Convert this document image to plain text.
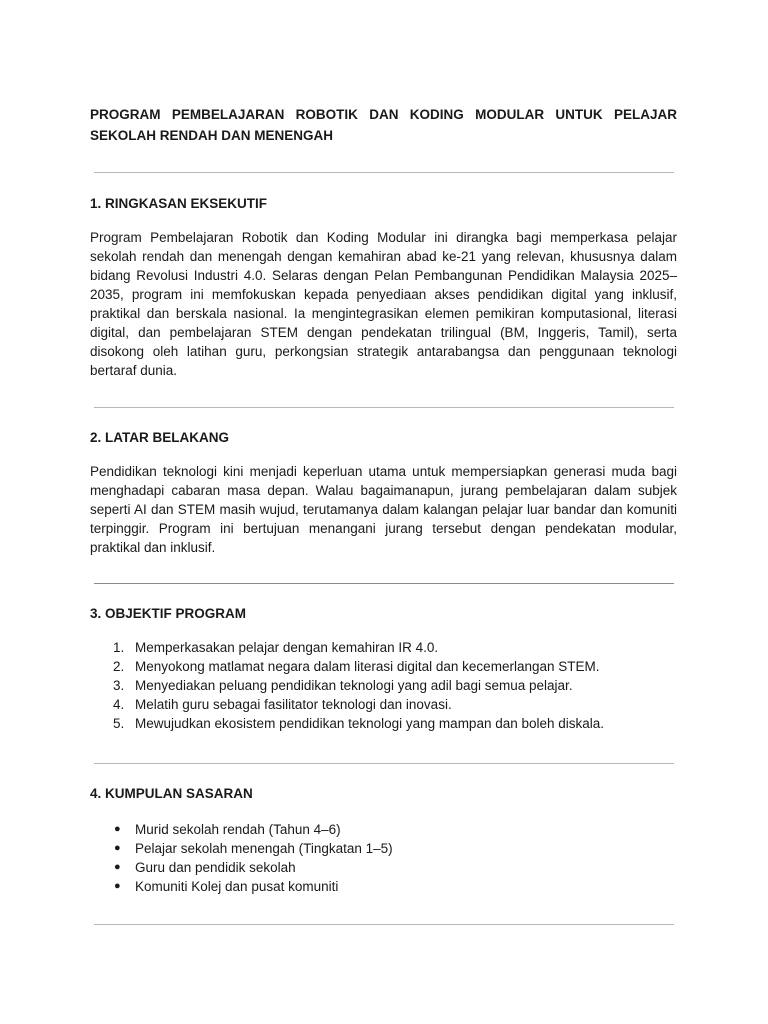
PROGRAM PEMBELAJARAN ROBOTIK DAN KODING MODULAR UNTUK PELAJAR SEKOLAH RENDAH DAN MENENGAH
1. RINGKASAN EKSEKUTIF

Program Pembelajaran Robotik dan Koding Modular ini dirangka bagi memperkasa pelajar sekolah rendah dan menengah dengan kemahiran abad ke-21 yang relevan, khususnya dalam bidang Revolusi Industri 4.0. Selaras dengan Pelan Pembangunan Pendidikan Malaysia 2025–2035, program ini memfokuskan kepada penyediaan akses pendidikan digital yang inklusif, praktikal dan berskala nasional. Ia mengintegrasikan elemen pemikiran komputasional, literasi digital, dan pembelajaran STEM dengan pendekatan trilingual (BM, Inggeris, Tamil), serta disokong oleh latihan guru, perkongsian strategik antarabangsa dan penggunaan teknologi bertaraf dunia.

2. LATAR BELAKANG

Pendidikan teknologi kini menjadi keperluan utama untuk mempersiapkan generasi muda bagi menghadapi cabaran masa depan. Walau bagaimanapun, jurang pembelajaran dalam subjek seperti AI dan STEM masih wujud, terutamanya dalam kalangan pelajar luar bandar dan komuniti terpinggir. Program ini bertujuan menangani jurang tersebut dengan pendekatan modular, praktikal dan inklusif.

3. OBJEKTIF PROGRAM
1. Memperkasakan pelajar dengan kemahiran IR 4.0.
2. Menyokong matlamat negara dalam literasi digital dan kecemerlangan STEM.
3. Menyediakan peluang pendidikan teknologi yang adil bagi semua pelajar.
4. Melatih guru sebagai fasilitator teknologi dan inovasi.
5. Mewujudkan ekosistem pendidikan teknologi yang mampan dan boleh diskala.
4. KUMPULAN SASARAN
● Murid sekolah rendah (Tahun 4–6)
● Pelajar sekolah menengah (Tingkatan 1–5)
● Guru dan pendidik sekolah
● Komuniti Kolej dan pusat komuniti
